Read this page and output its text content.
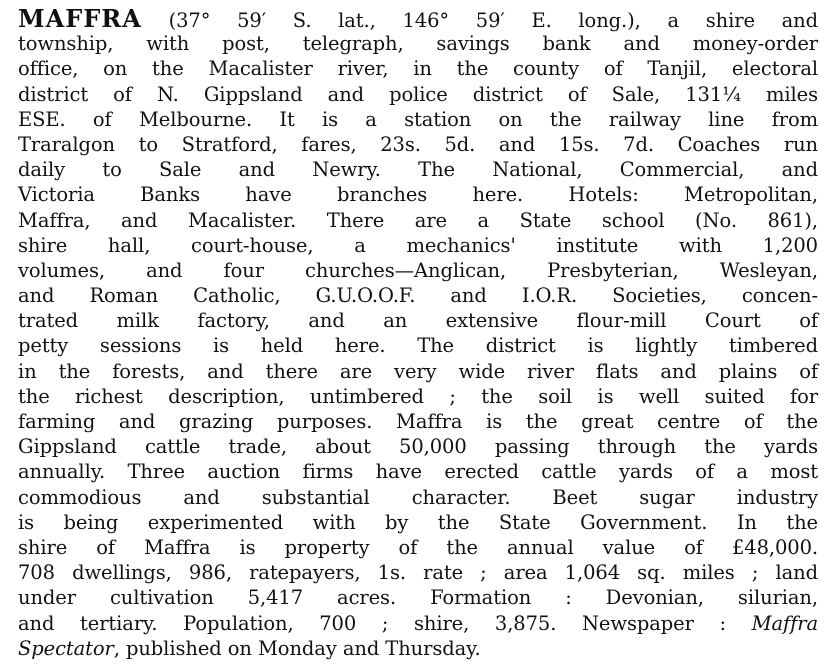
MAFFRA (37° 59′ S. lat., 146° 59′ E. long.), a shire and
township, with post, telegraph, savings bank and money-order
office, on the Macalister river, in the county of Tanjil, electoral
district of N. Gippsland and police district of Sale, 131¼ miles
ESE. of Melbourne. It is a station on the railway line from
Traralgon to Stratford, fares, 23s. 5d. and 15s. 7d. Coaches run
daily to Sale and Newry. The National, Commercial, and
Victoria Banks have branches here. Hotels: Metropolitan,
Maffra, and Macalister. There are a State school (No. 861),
shire hall, court-house, a mechanics' institute with 1,200
volumes, and four churches—Anglican, Presbyterian, Wesleyan,
and Roman Catholic, G.U.O.O.F. and I.O.R. Societies, concen-
trated milk factory, and an extensive flour-mill Court of
petty sessions is held here. The district is lightly timbered
in the forests, and there are very wide river flats and plains of
the richest description, untimbered ; the soil is well suited for
farming and grazing purposes. Maffra is the great centre of the
Gippsland cattle trade, about 50,000 passing through the yards
annually. Three auction firms have erected cattle yards of a most
commodious and substantial character. Beet sugar industry
is being experimented with by the State Government. In the
shire of Maffra is property of the annual value of £48,000.
708 dwellings, 986, ratepayers, 1s. rate ; area 1,064 sq. miles ; land
under cultivation 5,417 acres. Formation : Devonian, silurian,
and tertiary. Population, 700 ; shire, 3,875. Newspaper : Maffra
Spectator, published on Monday and Thursday.
